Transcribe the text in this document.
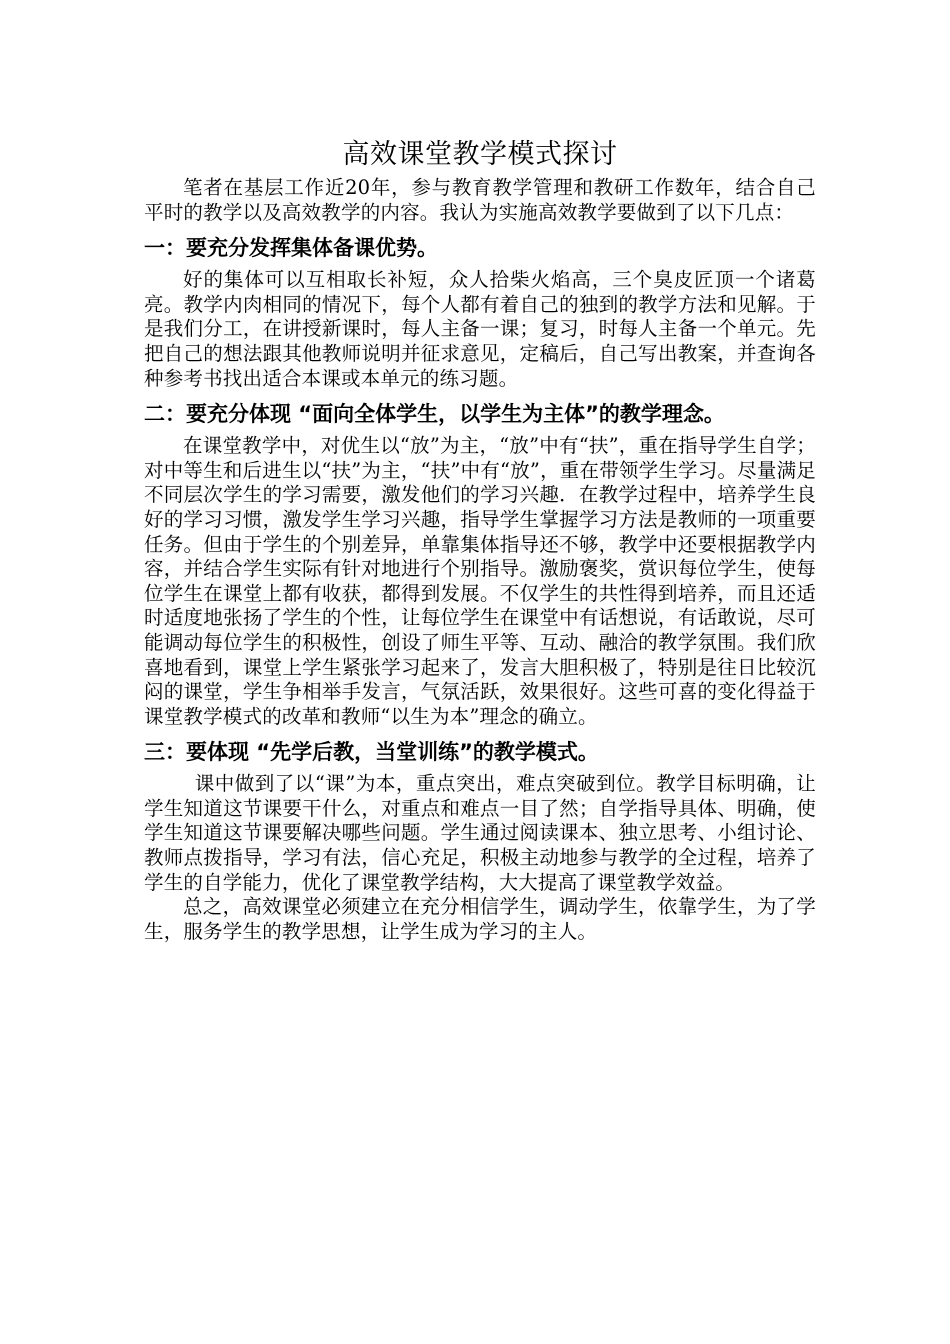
高效课堂教学模式探讨

笔者在基层工作近20年，参与教育教学管理和教研工作数年，结合自己平时的教学以及高效教学的内容。我认为实施高效教学要做到了以下几点：

一：要充分发挥集体备课优势。

好的集体可以互相取长补短，众人拾柴火焰高，三个臭皮匠顶一个诸葛亮。教学内肉相同的情况下，每个人都有着自己的独到的教学方法和见解。于是我们分工，在讲授新课时，每人主备一课；复习，时每人主备一个单元。先把自己的想法跟其他教师说明并征求意见，定稿后，自己写出教案，并查询各种参考书找出适合本课或本单元的练习题。

二：要充分体现 “面向全体学生，以学生为主体”的教学理念。

在课堂教学中，对优生以“放”为主，“放”中有“扶”，重在指导学生自学；对中等生和后进生以“扶”为主，“扶”中有“放”，重在带领学生学习。尽量满足不同层次学生的学习需要，激发他们的学习兴趣．在教学过程中，培养学生良好的学习习惯，激发学生学习兴趣，指导学生掌握学习方法是教师的一项重要任务。但由于学生的个别差异，单靠集体指导还不够，教学中还要根据教学内容，并结合学生实际有针对地进行个别指导。激励褒奖，赏识每位学生，使每位学生在课堂上都有收获，都得到发展。不仅学生的共性得到培养，而且还适时适度地张扬了学生的个性，让每位学生在课堂中有话想说，有话敢说，尽可能调动每位学生的积极性，创设了师生平等、互动、融洽的教学氛围。我们欣喜地看到，课堂上学生紧张学习起来了，发言大胆积极了，特别是往日比较沉闷的课堂，学生争相举手发言，气氛活跃，效果很好。这些可喜的变化得益于课堂教学模式的改革和教师“以生为本”理念的确立。

三：要体现 “先学后教，当堂训练”的教学模式。

课中做到了以“课”为本，重点突出，难点突破到位。教学目标明确，让学生知道这节课要干什么，对重点和难点一目了然；自学指导具体、明确，使学生知道这节课要解决哪些问题。学生通过阅读课本、独立思考、小组讨论、教师点拨指导，学习有法，信心充足，积极主动地参与教学的全过程，培养了学生的自学能力，优化了课堂教学结构，大大提高了课堂教学效益。

总之，高效课堂必须建立在充分相信学生，调动学生，依靠学生，为了学生，服务学生的教学思想，让学生成为学习的主人。
